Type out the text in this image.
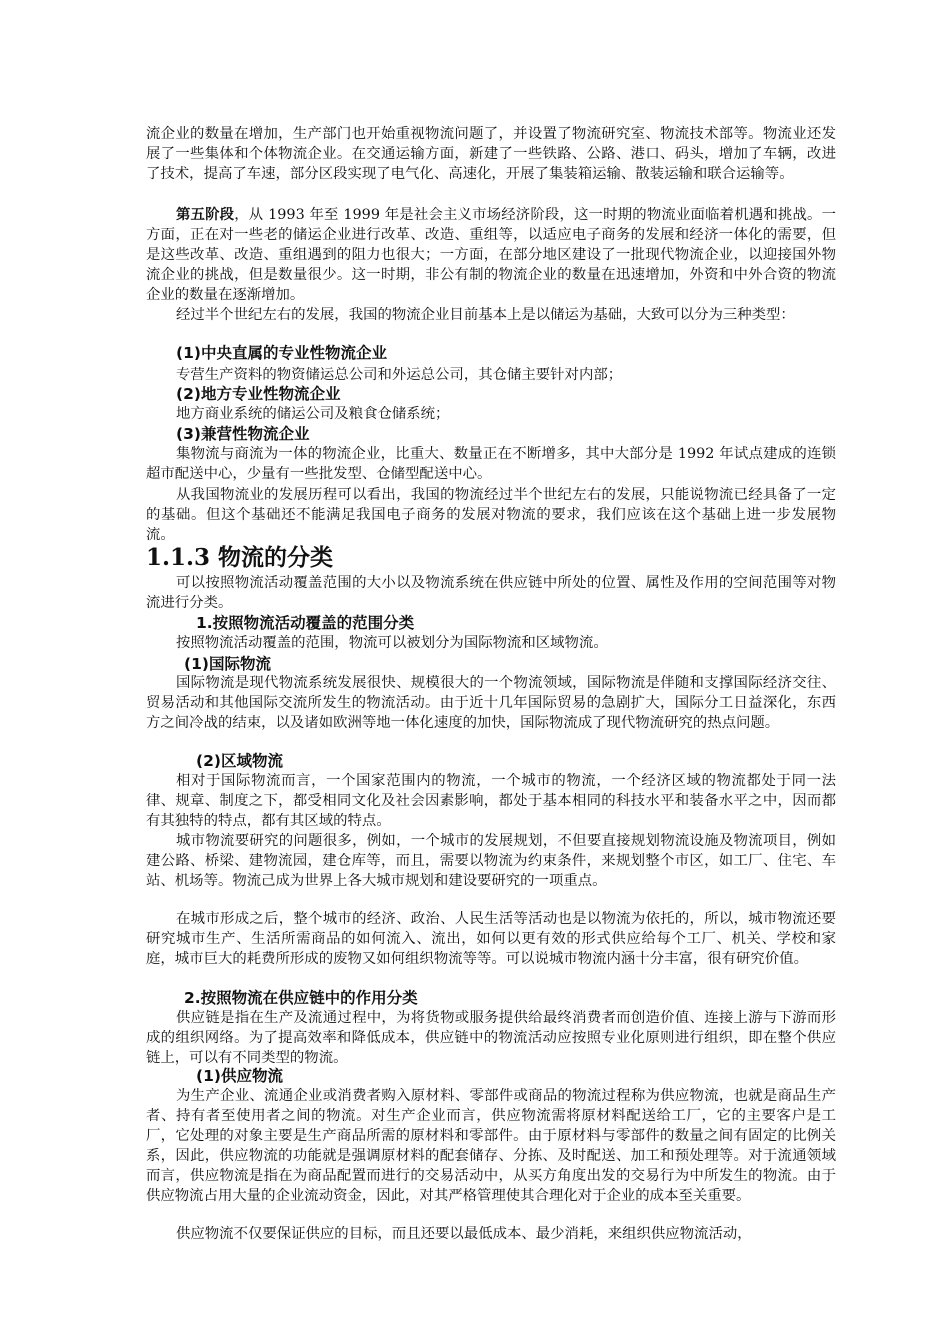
流企业的数量在增加，生产部门也开始重视物流问题了，并设置了物流研究室、物流技术部等。物流业还发展了一些集体和个体物流企业。在交通运输方面，新建了一些铁路、公路、港口、码头，增加了车辆，改进了技术，提高了车速，部分区段实现了电气化、高速化，开展了集装箱运输、散装运输和联合运输等。

第五阶段，从 1993 年至 1999 年是社会主义市场经济阶段，这一时期的物流业面临着机遇和挑战。一方面，正在对一些老的储运企业进行改革、改造、重组等，以适应电子商务的发展和经济一体化的需要，但是这些改革、改造、重组遇到的阻力也很大；一方面，在部分地区建设了一批现代物流企业，以迎接国外物流企业的挑战，但是数量很少。这一时期，非公有制的物流企业的数量在迅速增加，外资和中外合资的物流企业的数量在逐渐增加。

经过半个世纪左右的发展，我国的物流企业目前基本上是以储运为基础，大致可以分为三种类型：

(1)中央直属的专业性物流企业

专营生产资料的物资储运总公司和外运总公司，其仓储主要针对内部；

(2)地方专业性物流企业

地方商业系统的储运公司及粮食仓储系统；

(3)兼营性物流企业

集物流与商流为一体的物流企业，比重大、数量正在不断增多，其中大部分是 1992 年试点建成的连锁超市配送中心，少量有一些批发型、仓储型配送中心。

从我国物流业的发展历程可以看出，我国的物流经过半个世纪左右的发展，只能说物流已经具备了一定的基础。但这个基础还不能满足我国电子商务的发展对物流的要求，我们应该在这个基础上进一步发展物流。

1.1.3 物流的分类

可以按照物流活动覆盖范围的大小以及物流系统在供应链中所处的位置、属性及作用的空间范围等对物流进行分类。

1.按照物流活动覆盖的范围分类

按照物流活动覆盖的范围，物流可以被划分为国际物流和区域物流。

(1)国际物流

国际物流是现代物流系统发展很快、规模很大的一个物流领域，国际物流是伴随和支撑国际经济交往、贸易活动和其他国际交流所发生的物流活动。由于近十几年国际贸易的急剧扩大，国际分工日益深化，东西方之间冷战的结束，以及诸如欧洲等地一体化速度的加快，国际物流成了现代物流研究的热点问题。

(2)区域物流

相对于国际物流而言，一个国家范围内的物流，一个城市的物流，一个经济区域的物流都处于同一法律、规章、制度之下，都受相同文化及社会因素影响，都处于基本相同的科技水平和装备水平之中，因而都有其独特的特点，都有其区域的特点。

城市物流要研究的问题很多，例如，一个城市的发展规划，不但要直接规划物流设施及物流项目，例如建公路、桥梁、建物流园，建仓库等，而且，需要以物流为约束条件，来规划整个市区，如工厂、住宅、车站、机场等。物流己成为世界上各大城市规划和建设要研究的一项重点。

在城市形成之后，整个城市的经济、政治、人民生活等活动也是以物流为依托的，所以，城市物流还要研究城市生产、生活所需商品的如何流入、流出，如何以更有效的形式供应给每个工厂、机关、学校和家庭，城市巨大的耗费所形成的废物又如何组织物流等等。可以说城市物流内涵十分丰富，很有研究价值。

2.按照物流在供应链中的作用分类

供应链是指在生产及流通过程中，为将货物或服务提供给最终消费者而创造价值、连接上游与下游而形成的组织网络。为了提高效率和降低成本，供应链中的物流活动应按照专业化原则进行组织，即在整个供应链上，可以有不同类型的物流。

(1)供应物流

为生产企业、流通企业或消费者购入原材料、零部件或商品的物流过程称为供应物流，也就是商品生产者、持有者至使用者之间的物流。对生产企业而言，供应物流需将原材料配送给工厂，它的主要客户是工厂，它处理的对象主要是生产商品所需的原材料和零部件。由于原材料与零部件的数量之间有固定的比例关系，因此，供应物流的功能就是强调原材料的配套储存、分拣、及时配送、加工和预处理等。对于流通领域而言，供应物流是指在为商品配置而进行的交易活动中，从买方角度出发的交易行为中所发生的物流。由于供应物流占用大量的企业流动资金，因此，对其严格管理使其合理化对于企业的成本至关重要。

供应物流不仅要保证供应的目标，而且还要以最低成本、最少消耗，来组织供应物流活动，
